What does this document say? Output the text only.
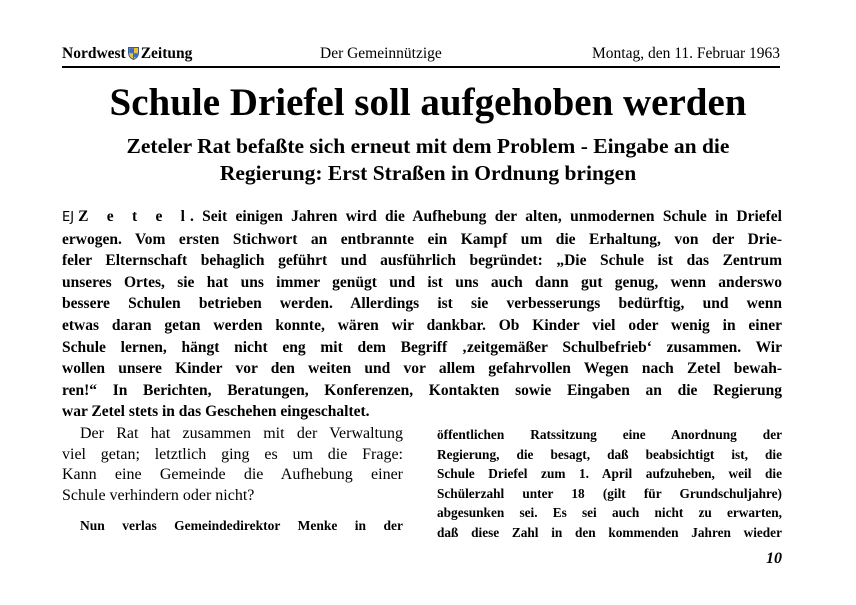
Nordwest Zeitung	Der Gemeinnützige	Montag, den 11. Februar 1963
Schule Driefel soll aufgehoben werden
Zeteler Rat befaßte sich erneut mit dem Problem - Eingabe an die
Regierung: Erst Straßen in Ordnung bringen
EJ Z e t e l. Seit einigen Jahren wird die Aufhebung der alten, unmodernen Schule in Driefel
erwogen. Vom ersten Stichwort an entbrannte ein Kampf um die Erhaltung, von der Drie-
feler Elternschaft behaglich geführt und ausführlich begründet: „Die Schule ist das Zentrum
unseres Ortes, sie hat uns immer genügt und ist uns auch dann gut genug, wenn anderswo
bessere Schulen betrieben werden. Allerdings ist sie verbesserungs bedürftig, und wenn
etwas daran getan werden konnte, wären wir dankbar. Ob Kinder viel oder wenig in einer
Schule lernen, hängt nicht eng mit dem Begriff ‚zeitgemäßer Schulbefrieb‘ zusammen. Wir
wollen unsere Kinder vor den weiten und vor allem gefahrvollen Wegen nach Zetel bewah-
ren!“ In Berichten, Beratungen, Konferenzen, Kontakten sowie Eingaben an die Regierung
war Zetel stets in das Geschehen eingeschaltet.
Der Rat hat zusammen mit der Verwaltung
viel getan; letztlich ging es um die Frage:
Kann eine Gemeinde die Aufhebung einer
Schule verhindern oder nicht?
Nun verlas Gemeindedirektor Menke in der
öffentlichen Ratssitzung eine Anordnung der
Regierung, die besagt, daß beabsichtigt ist, die
Schule Driefel zum 1. April aufzuheben, weil die
Schülerzahl unter 18 (gilt für Grundschuljahre)
abgesunken sei. Es sei auch nicht zu erwarten,
daß diese Zahl in den kommenden Jahren wieder
10
